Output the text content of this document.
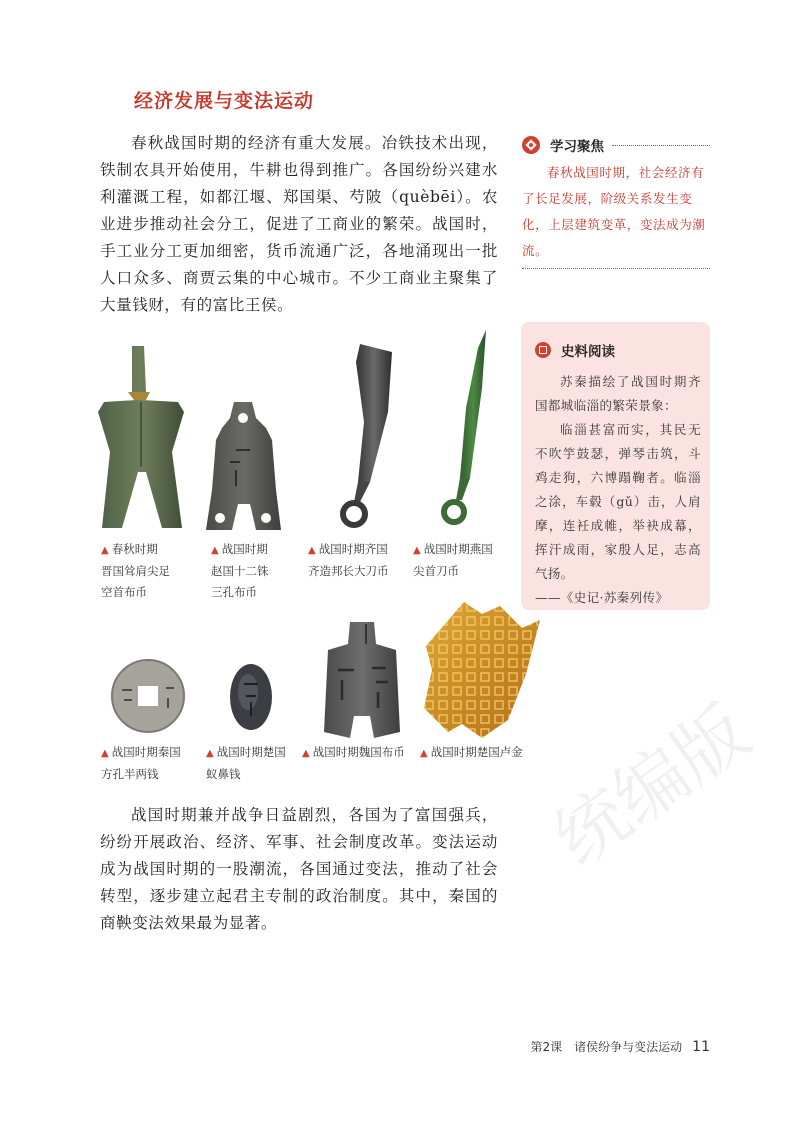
经济发展与变法运动

春秋战国时期的经济有重大发展。冶铁技术出现，铁制农具开始使用，牛耕也得到推广。各国纷纷兴建水利灌溉工程，如都江堰、郑国渠、芍陂（quèbēi）。农业进步推动社会分工，促进了工商业的繁荣。战国时，手工业分工更加细密，货币流通广泛，各地涌现出一批人口众多、商贾云集的中心城市。不少工商业主聚集了大量钱财，有的富比王侯。

学习聚焦
春秋战国时期，社会经济有了长足发展，阶级关系发生变化，上层建筑变革，变法成为潮流。
史料阅读

苏秦描绘了战国时期齐国都城临淄的繁荣景象：

临淄甚富而实，其民无不吹竽鼓瑟，弹琴击筑，斗鸡走狗，六博蹋鞠者。临淄之涂，车毂（gǔ）击，人肩摩，连衽成帷，举袂成幕，挥汗成雨，家殷人足，志高气扬。

——《史记·苏秦列传》

▲ 春秋时期
晋国耸肩尖足
空首布币
▲ 战国时期
赵国十二铢
三孔布币
▲ 战国时期齐国
齐造邦长大刀币
▲ 战国时期燕国
尖首刀币
▲ 战国时期秦国
方孔半两钱
▲ 战国时期楚国
蚁鼻钱
▲ 战国时期魏国布币 ▲ 战国时期楚国卢金

战国时期兼并战争日益剧烈，各国为了富国强兵，纷纷开展政治、经济、军事、社会制度改革。变法运动成为战国时期的一股潮流，各国通过变法，推动了社会转型，逐步建立起君主专制的政治制度。其中，秦国的商鞅变法效果最为显著。

统编版
第2课　诸侯纷争与变法运动 11
